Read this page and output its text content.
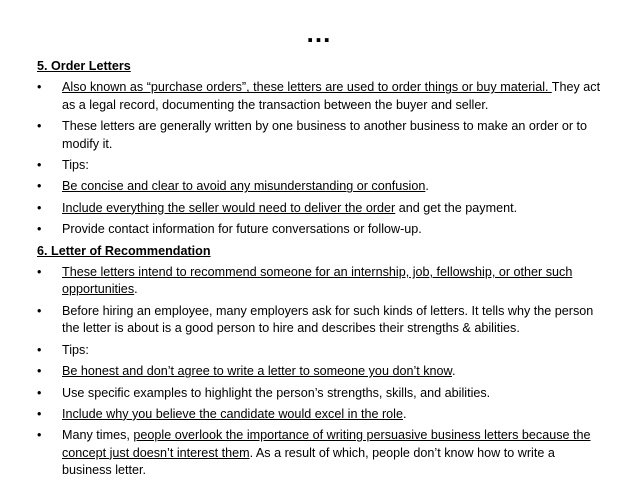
…
5. Order Letters
•	Also known as “purchase orders”, these letters are used to order things or buy material. They act as a legal record, documenting the transaction between the buyer and seller.
•	These letters are generally written by one business to another business to make an order or to modify it.
•	Tips:
•	Be concise and clear to avoid any misunderstanding or confusion.
•	Include everything the seller would need to deliver the order and get the payment.
•	Provide contact information for future conversations or follow-up.
6. Letter of Recommendation
•	These letters intend to recommend someone for an internship, job, fellowship, or other such opportunities.
•	Before hiring an employee, many employers ask for such kinds of letters. It tells why the person the letter is about is a good person to hire and describes their strengths & abilities.
•	Tips:
•	Be honest and don’t agree to write a letter to someone you don’t know.
•	Use specific examples to highlight the person’s strengths, skills, and abilities.
•	Include why you believe the candidate would excel in the role.
•	Many times, people overlook the importance of writing persuasive business letters because the concept just doesn’t interest them. As a result of which, people don’t know how to write a business letter.
